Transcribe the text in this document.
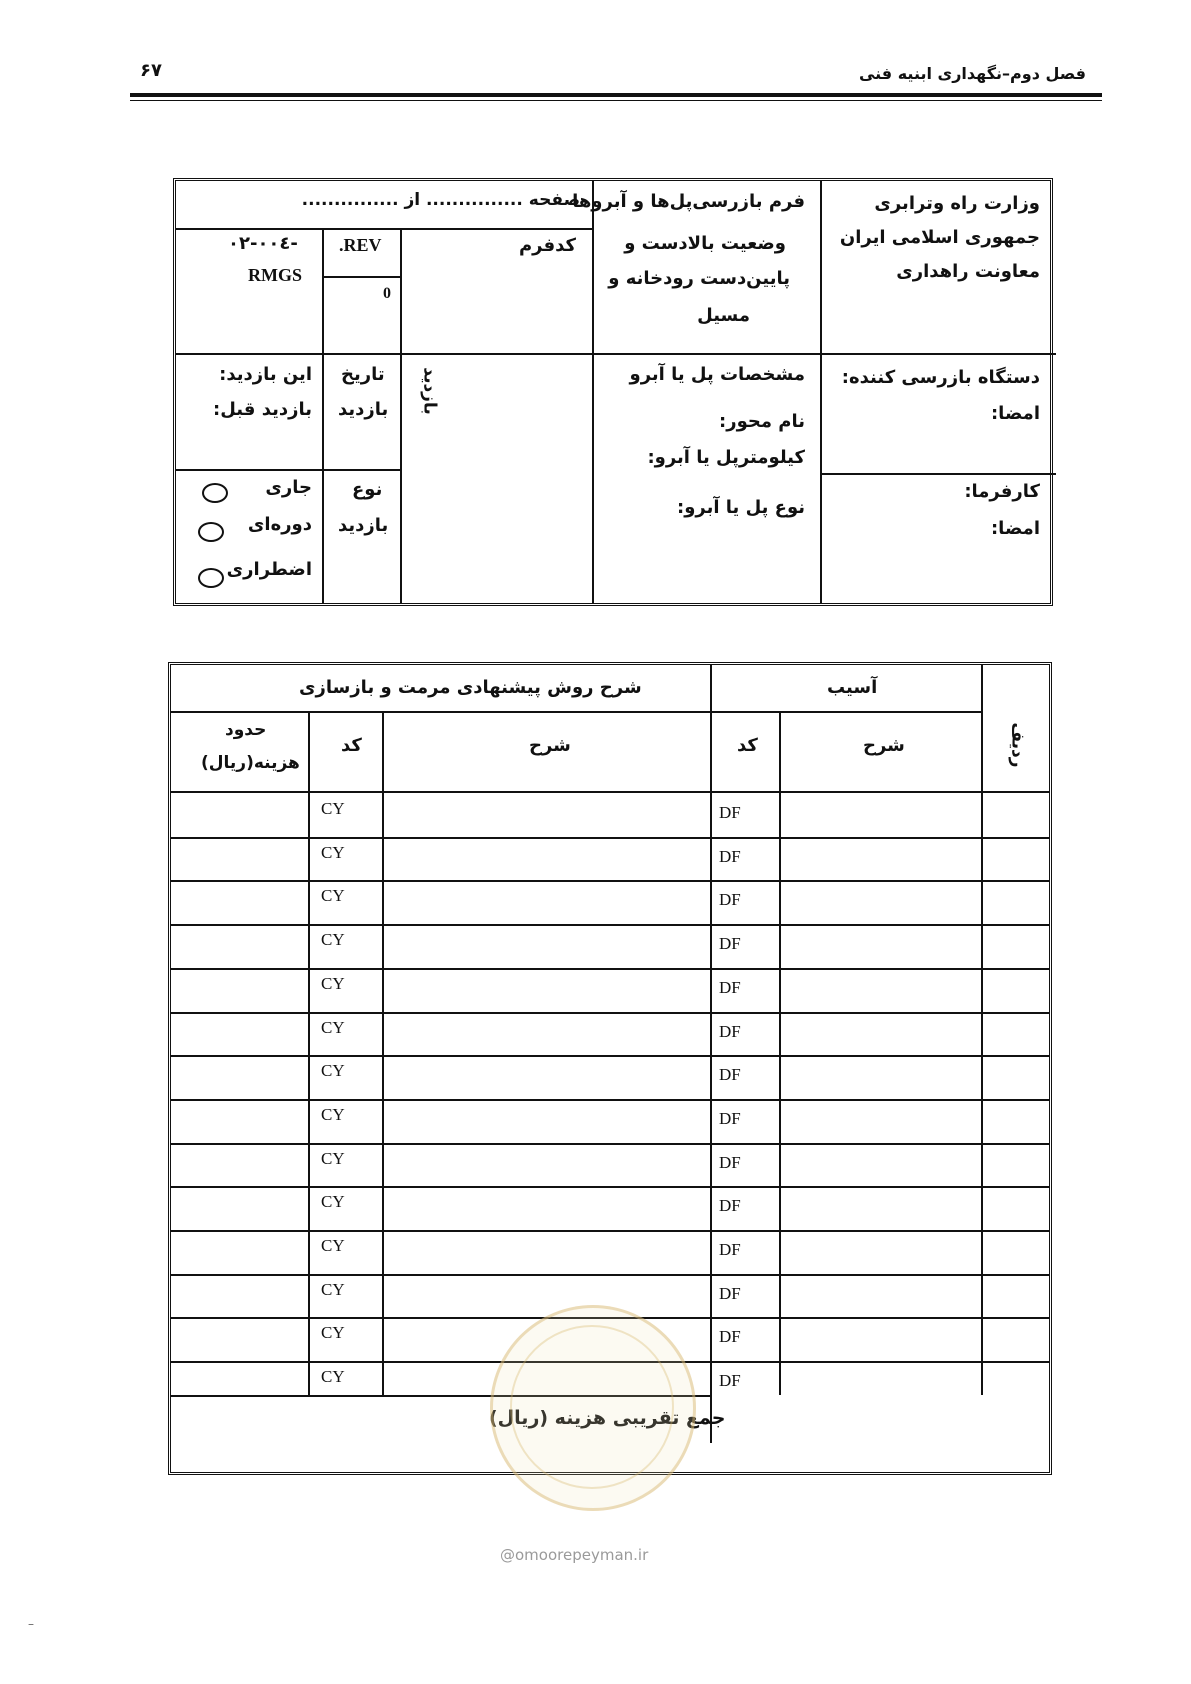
فصل دوم–نگهداری ابنیه فنی
۶۷
وزارت راه وترابری
جمهوری اسلامی ایران
معاونت راهداری
فرم بازرسی‌پل‌ها و آبروها
وضعیت بالادست و
پایین‌دست رودخانه و
مسیل
صفحه ............... از ...............
کدفرم
.REV
0
-۰۲-۰۰٤
RMGS
دستگاه بازرسی کننده:
امضا:
کارفرما:
امضا:
مشخصات پل یا آبرو
نام محور:
کیلومترپل یا آبرو:
نوع پل یا آبرو:
بازدید
تاریخ
بازدید
این بازدید:
بازدید قبل:
نوع
بازدید
جاری
دوره‌ای
اضطراری
ردیف
آسیب
شرح روش پیشنهادی مرمت و بازسازی
شرح
کد
شرح
کد
حدود
هزینه(ریال)
DF
CY
DF
CY
DF
CY
DF
CY
DF
CY
DF
CY
DF
CY
DF
CY
DF
CY
DF
CY
DF
CY
DF
CY
DF
CY
DF
CY
جمع تقریبی هزینه (ریال)
@omoorepeyman.ir
–
